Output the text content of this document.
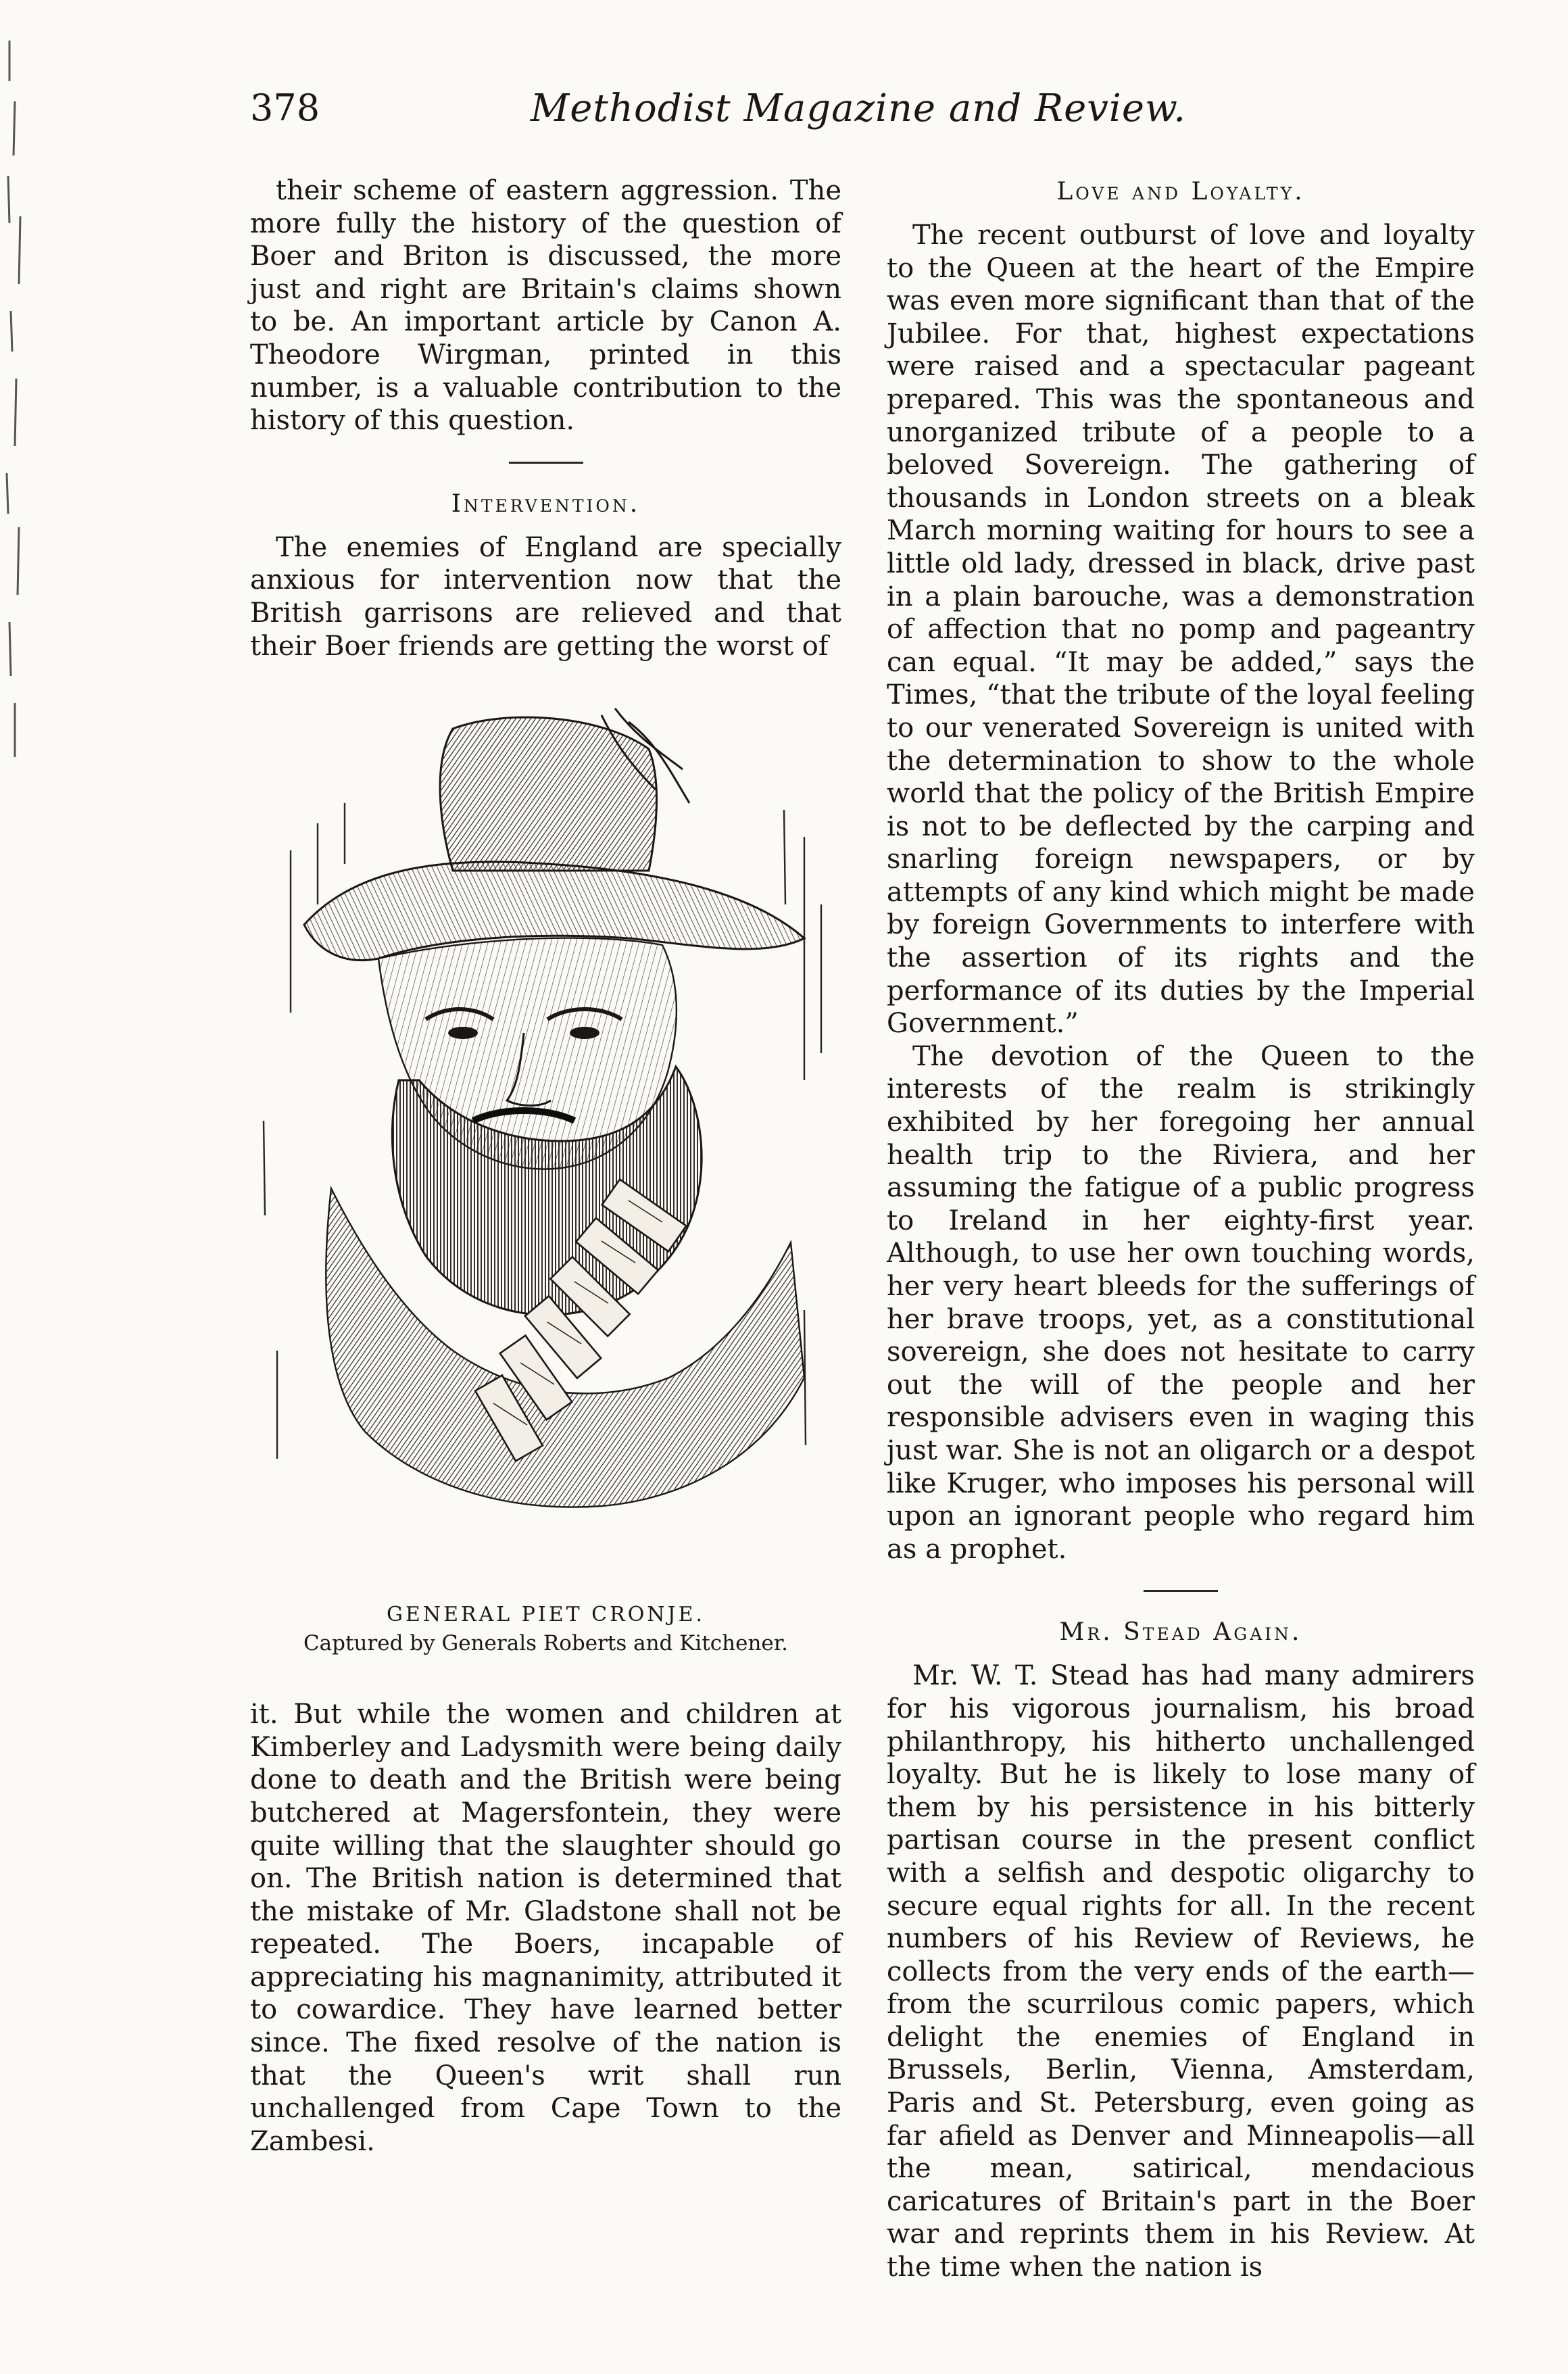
378	Methodist Magazine and Review.

their scheme of eastern aggression. The more fully the history of the question of Boer and Briton is discussed, the more just and right are Britain's claims shown to be. An important article by Canon A. Theodore Wirgman, printed in this number, is a valuable contribution to the history of this question.

Intervention.

The enemies of England are specially anxious for intervention now that the British garrisons are relieved and that their Boer friends are getting the worst of

GENERAL PIET CRONJE.
Captured by Generals Roberts and Kitchener.

it. But while the women and children at Kimberley and Ladysmith were being daily done to death and the British were being butchered at Magersfontein, they were quite willing that the slaughter should go on. The British nation is determined that the mistake of Mr. Gladstone shall not be repeated. The Boers, incapable of appreciating his magnanimity, attributed it to cowardice. They have learned better since. The fixed resolve of the nation is that the Queen's writ shall run unchallenged from Cape Town to the Zambesi.

Love and Loyalty.

The recent outburst of love and loyalty to the Queen at the heart of the Empire was even more significant than that of the Jubilee. For that, highest expectations were raised and a spectacular pageant prepared. This was the spontaneous and unorganized tribute of a people to a beloved Sovereign. The gathering of thousands in London streets on a bleak March morning waiting for hours to see a little old lady, dressed in black, drive past in a plain barouche, was a demonstration of affection that no pomp and pageantry can equal. “It may be added,” says the Times, “that the tribute of the loyal feeling to our venerated Sovereign is united with the determination to show to the whole world that the policy of the British Empire is not to be deflected by the carping and snarling foreign newspapers, or by attempts of any kind which might be made by foreign Governments to interfere with the assertion of its rights and the performance of its duties by the Imperial Government.”

The devotion of the Queen to the interests of the realm is strikingly exhibited by her foregoing her annual health trip to the Riviera, and her assuming the fatigue of a public progress to Ireland in her eighty-first year. Although, to use her own touching words, her very heart bleeds for the sufferings of her brave troops, yet, as a constitutional sovereign, she does not hesitate to carry out the will of the people and her responsible advisers even in waging this just war. She is not an oligarch or a despot like Kruger, who imposes his personal will upon an ignorant people who regard him as a prophet.

Mr. Stead Again.

Mr. W. T. Stead has had many admirers for his vigorous journalism, his broad philanthropy, his hitherto unchallenged loyalty. But he is likely to lose many of them by his persistence in his bitterly partisan course in the present conflict with a selfish and despotic oligarchy to secure equal rights for all. In the recent numbers of his Review of Reviews, he collects from the very ends of the earth—from the scurrilous comic papers, which delight the enemies of England in Brussels, Berlin, Vienna, Amsterdam, Paris and St. Petersburg, even going as far afield as Denver and Minneapolis—all the mean, satirical, mendacious caricatures of Britain's part in the Boer war and reprints them in his Review. At the time when the nation is
